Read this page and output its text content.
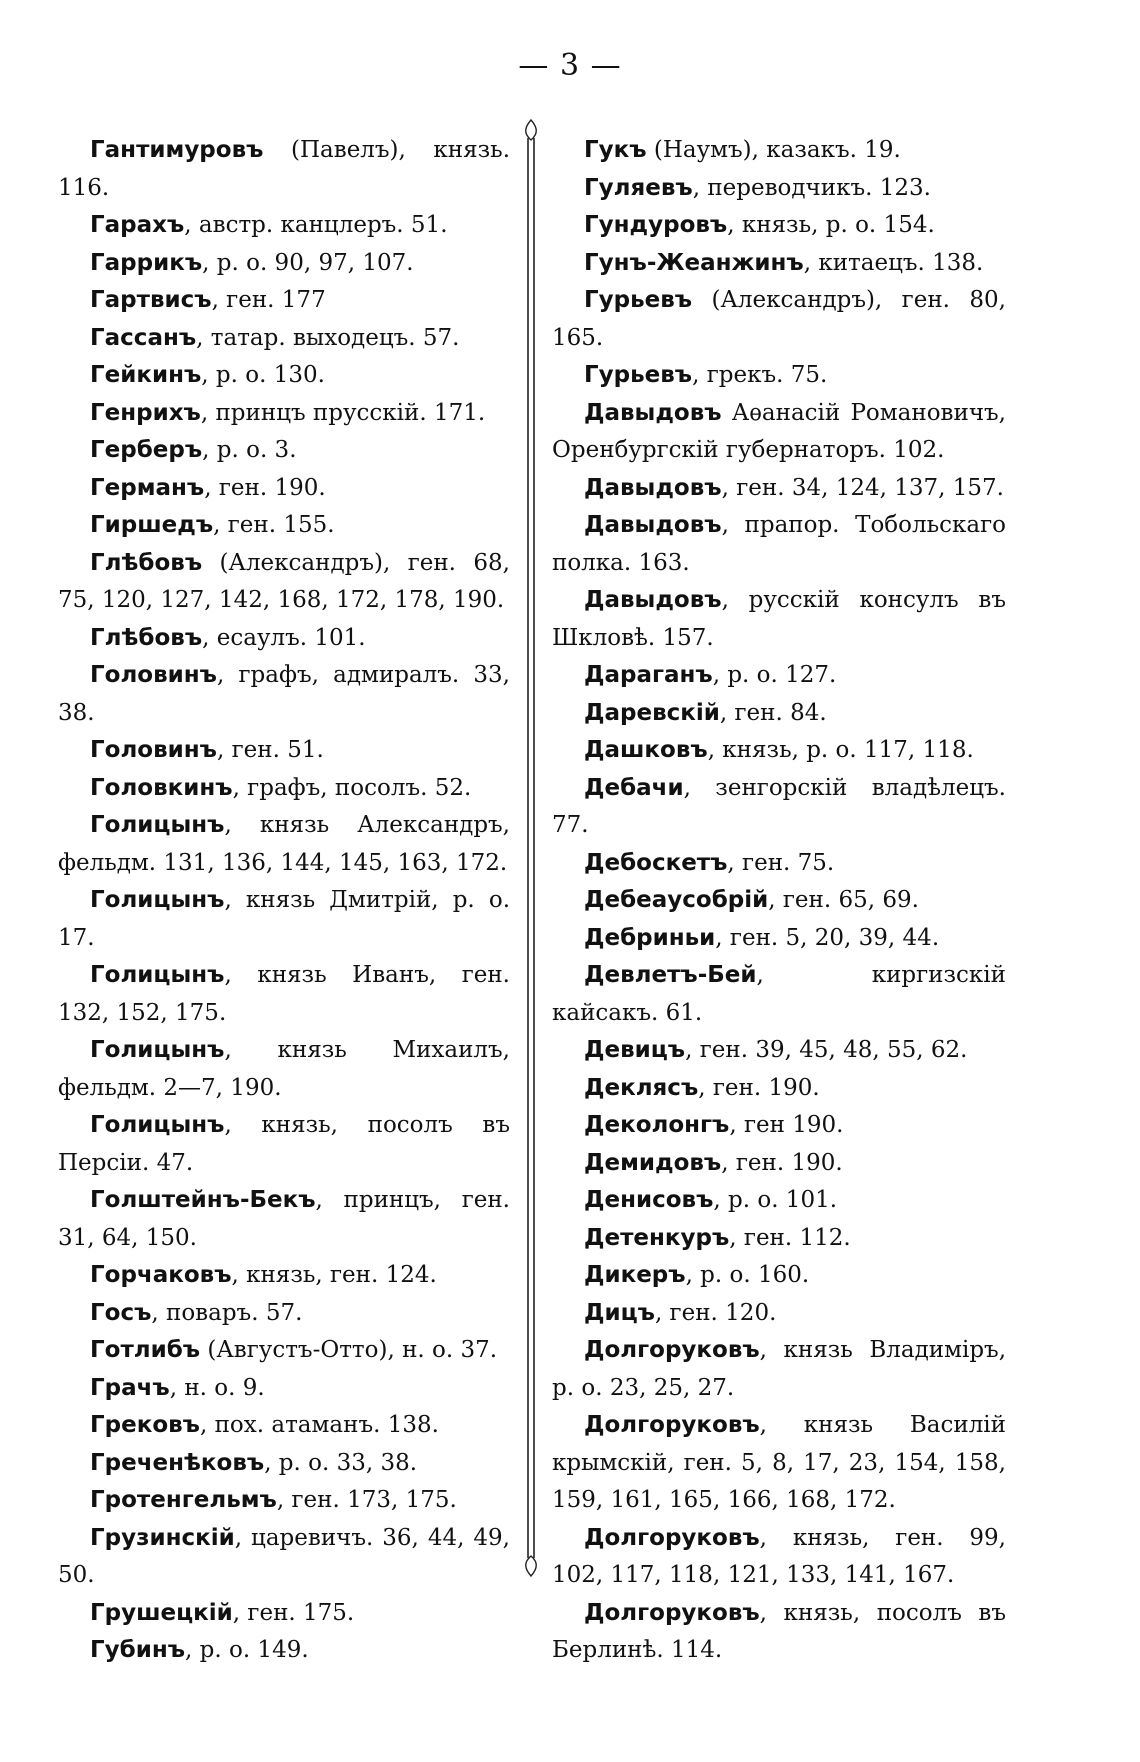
— 3 —

Гантимуровъ (Павелъ), князь. 116.

Гарахъ, австр. канцлеръ. 51.

Гаррикъ, р. о. 90, 97, 107.

Гартвисъ, ген. 177

Гассанъ, татар. выходецъ. 57.

Гейкинъ, р. о. 130.

Генрихъ, принцъ прусскій. 171.

Герберъ, р. о. 3.

Германъ, ген. 190.

Гиршедъ, ген. 155.

Глѣбовъ (Александръ), ген. 68, 75, 120, 127, 142, 168, 172, 178, 190.

Глѣбовъ, есаулъ. 101.

Головинъ, графъ, адмиралъ. 33, 38.

Головинъ, ген. 51.

Головкинъ, графъ, посолъ. 52.

Голицынъ, князь Александръ, фельдм. 131, 136, 144, 145, 163, 172.

Голицынъ, князь Дмитрій, р. о. 17.

Голицынъ, князь Иванъ, ген. 132, 152, 175.

Голицынъ, князь Михаилъ, фельдм. 2—7, 190.

Голицынъ, князь, посолъ въ Персіи. 47.

Голштейнъ-Бекъ, принцъ, ген. 31, 64, 150.

Горчаковъ, князь, ген. 124.

Госъ, поваръ. 57.

Готлибъ (Августъ-Отто), н. о. 37.

Грачъ, н. о. 9.

Грековъ, пох. атаманъ. 138.

Греченѣковъ, р. о. 33, 38.

Гротенгельмъ, ген. 173, 175.

Грузинскій, царевичъ. 36, 44, 49, 50.

Грушецкій, ген. 175.

Губинъ, р. о. 149.

Гукъ (Наумъ), казакъ. 19.

Гуляевъ, переводчикъ. 123.

Гундуровъ, князь, р. о. 154.

Гунъ-Жеанжинъ, китаецъ. 138.

Гурьевъ (Александръ), ген. 80, 165.

Гурьевъ, грекъ. 75.

Давыдовъ Аѳанасій Романовичъ, Оренбургскій губернаторъ. 102.

Давыдовъ, ген. 34, 124, 137, 157.

Давыдовъ, прапор. Тобольскаго полка. 163.

Давыдовъ, русскій консулъ въ Шкловѣ. 157.

Дараганъ, р. о. 127.

Даревскій, ген. 84.

Дашковъ, князь, р. о. 117, 118.

Дебачи, зенгорскій владѣлецъ. 77.

Дебоскетъ, ген. 75.

Дебеаусобрій, ген. 65, 69.

Дебриньи, ген. 5, 20, 39, 44.

Девлетъ-Бей, киргизскій кайсакъ. 61.

Девицъ, ген. 39, 45, 48, 55, 62.

Деклясъ, ген. 190.

Деколонгъ, ген 190.

Демидовъ, ген. 190.

Денисовъ, р. о. 101.

Детенкуръ, ген. 112.

Дикеръ, р. о. 160.

Дицъ, ген. 120.

Долгоруковъ, князь Владиміръ, р. о. 23, 25, 27.

Долгоруковъ, князь Василій крымскій, ген. 5, 8, 17, 23, 154, 158, 159, 161, 165, 166, 168, 172.

Долгоруковъ, князь, ген. 99, 102, 117, 118, 121, 133, 141, 167.

Долгоруковъ, князь, посолъ въ Берлинѣ. 114.
